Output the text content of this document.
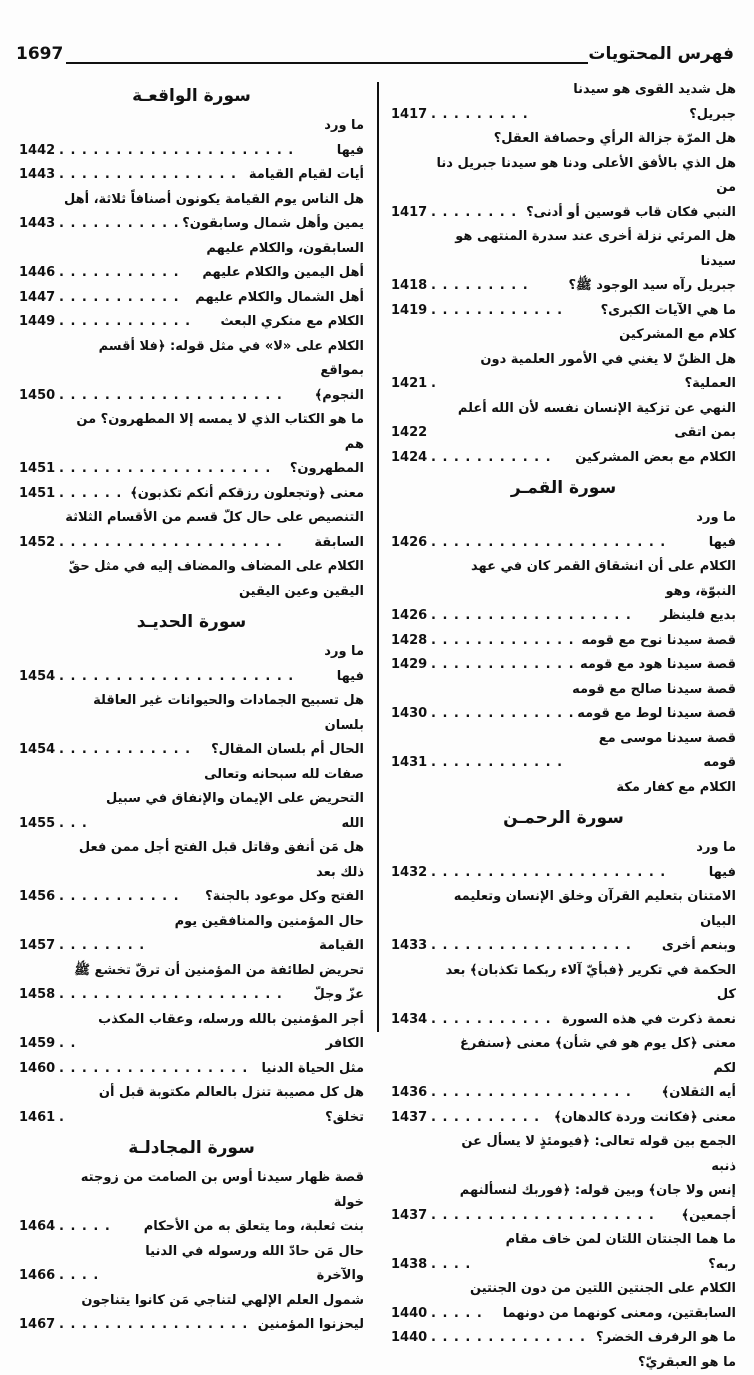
1697	فهرس المحتويات
هل شديد القوى هو سيدنا جبريل؟
. . . . . . . . .
1417
هل المرّة جزالة الرأي وحصافة العقل؟
هل الذي بالأفق الأعلى ودنا هو سيدنا جبريل دنا من
النبي فكان قاب قوسين أو أدنى؟
. . . . . . . .
1417
هل المرئي نزلة أخرى عند سدرة المنتهى هو سيدنا
جبريل رآه سيد الوجود ﷺ؟
. . . . . . . . .
1418
ما هي الآيات الكبرى؟
. . . . . . . . . . . .
1419
كلام مع المشركين
هل الظنّ لا يغني في الأمور العلمية دون العملية؟
.
1421
النهي عن تزكية الإنسان نفسه لأن الله أعلم بمن اتقى
1422
الكلام مع بعض المشركين
. . . . . . . . . . .
1424
سورة القمـر
ما ورد فيها
. . . . . . . . . . . . . . . . . . . . .
1426
الكلام على أن انشقاق القمر كان في عهد النبوّة، وهو
بديع فلينظر
. . . . . . . . . . . . . . . . . .
1426
قصة سيدنا نوح مع قومه
. . . . . . . . . . . . .
1428
قصة سيدنا هود مع قومه
. . . . . . . . . . . . .
1429
قصة سيدنا صالح مع قومه
قصة سيدنا لوط مع قومه
. . . . . . . . . . . . .
1430
قصة سيدنا موسى مع قومه
. . . . . . . . . . . .
1431
الكلام مع كفار مكة
سورة الرحمـن
ما ورد فيها
. . . . . . . . . . . . . . . . . . . . .
1432
الامتنان بتعليم القرآن وخلق الإنسان وتعليمه البيان
وبنعم أخرى
. . . . . . . . . . . . . . . . . .
1433
الحكمة في تكرير ﴿فبأيّ آلاء ربكما تكذبان﴾ بعد كل
نعمة ذكرت في هذه السورة
. . . . . . . . . . .
1434
معنى ﴿كل يوم هو في شأن﴾ معنى ﴿سنفرغ لكم
أيه الثقلان﴾
. . . . . . . . . . . . . . . . . .
1436
معنى ﴿فكانت وردة كالدهان﴾
. . . . . . . . . .
1437
الجمع بين قوله تعالى: ﴿فيومئذٍ لا يسأل عن ذنبه
إنس ولا جان﴾ وبين قوله: ﴿فوربك لنسألنهم
أجمعين﴾
. . . . . . . . . . . . . . . . . . . .
1437
ما هما الجنتان اللتان لمن خاف مقام ربه؟
. . . .
1438
الكلام على الجنتين اللتين من دون الجنتين
السابقتين، ومعنى كونهما من دونهما
. . . . .
1440
ما هو الرفرف الخضر؟
. . . . . . . . . . . . . .
1440
ما هو العبقريّ؟
سورة الواقعـة
ما ورد فيها
. . . . . . . . . . . . . . . . . . . . .
1442
أيات لقيام القيامة
. . . . . . . . . . . . . . . .
1443
هل الناس يوم القيامة يكونون أصنافاً ثلاثة، أهل
يمين وأهل شمال وسابقون؟
. . . . . . . . . . .
1443
السابقون، والكلام عليهم
أهل اليمين والكلام عليهم
. . . . . . . . . . .
1446
أهل الشمال والكلام عليهم
. . . . . . . . . . .
1447
الكلام مع منكري البعث
. . . . . . . . . . . .
1449
الكلام على «لا» في مثل قوله: ﴿فلا أقسم بمواقع
النجوم﴾
. . . . . . . . . . . . . . . . . . . .
1450
ما هو الكتاب الذي لا يمسه إلا المطهرون؟ من هم
المطهرون؟
. . . . . . . . . . . . . . . . . . .
1451
معنى ﴿وتجعلون رزقكم أنكم تكذبون﴾
. . . . . .
1451
التنصيص على حال كلّ قسم من الأقسام الثلاثة
السابقة
. . . . . . . . . . . . . . . . . . . .
1452
الكلام على المضاف والمضاف إليه في مثل حقّ
اليقين وعين اليقين
سورة الحديـد
ما ورد فيها
. . . . . . . . . . . . . . . . . . . . .
1454
هل تسبيح الجمادات والحيوانات غير العاقلة بلسان
الحال أم بلسان المقال؟
. . . . . . . . . . . .
1454
صفات لله سبحانه وتعالى
التحريض على الإيمان والإنفاق في سبيل الله
. . .
1455
هل مَن أنفق وقاتل قبل الفتح أجل ممن فعل ذلك بعد
الفتح وكل موعود بالجنة؟
. . . . . . . . . . .
1456
حال المؤمنين والمنافقين يوم القيامة
. . . . . . . .
1457
تحريض لطائفة من المؤمنين أن ترقّ تخشع ﷺ
عزّ وجلّ
. . . . . . . . . . . . . . . . . . . .
1458
أجر المؤمنين بالله ورسله، وعقاب المكذب الكافر
. .
1459
مثل الحياة الدنيا
. . . . . . . . . . . . . . . . .
1460
هل كل مصيبة تنزل بالعالم مكتوبة قبل أن تخلق؟
.
1461
سورة المجادلـة
قصة ظهار سيدنا أوس بن الصامت من زوجته خولة
بنت ثعلبة، وما يتعلق به من الأحكام
. . . . .
1464
حال مَن حادّ الله ورسوله في الدنيا والآخرة
. . . .
1466
شمول العلم الإلهي لتناجي مَن كانوا يتناجون
ليحزنوا المؤمنين
. . . . . . . . . . . . . . . . .
1467
